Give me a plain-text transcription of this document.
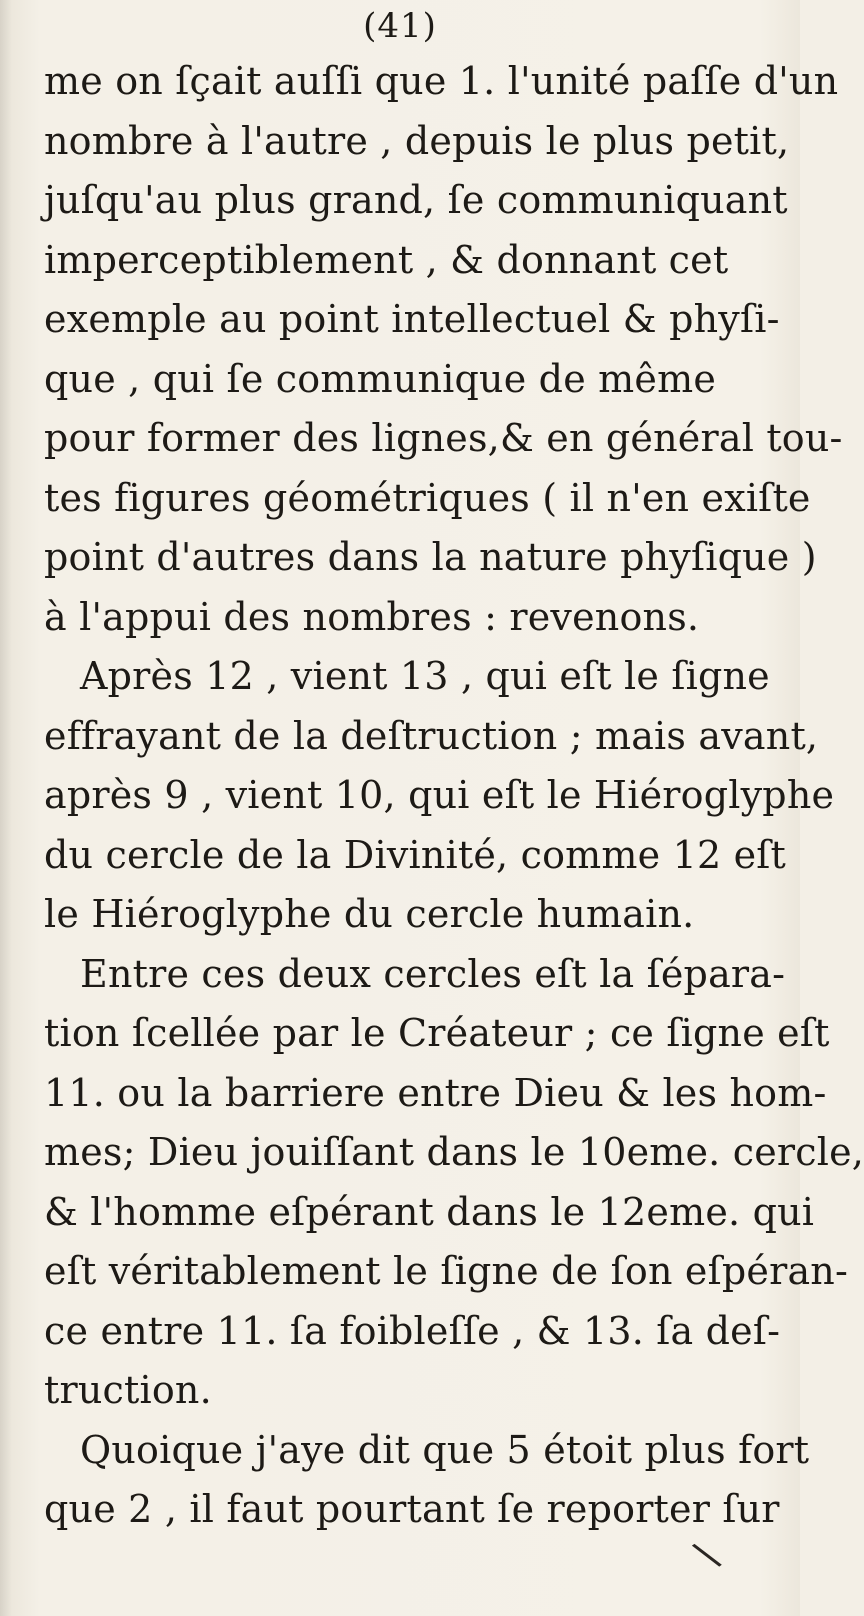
(41)
me on ſçait auſſi que 1. l'unité paſſe d'un
nombre à l'autre , depuis le plus petit,
juſqu'au plus grand, ſe communiquant
imperceptiblement , & donnant cet
exemple au point intellectuel & phyſi-
que , qui ſe communique de même
pour former des lignes,& en général tou-
tes figures géométriques ( il n'en exiſte
point d'autres dans la nature phyſique )
à l'appui des nombres : revenons.
Après 12 , vient 13 , qui eſt le ſigne
effrayant de la deſtruction ; mais avant,
après 9 , vient 10, qui eſt le Hiéroglyphe
du cercle de la Divinité, comme 12 eſt
le Hiéroglyphe du cercle humain.
Entre ces deux cercles eſt la ſépara-
tion ſcellée par le Créateur ; ce ſigne eſt
11. ou la barriere entre Dieu & les hom-
mes; Dieu jouiſſant dans le 10eme. cercle,
& l'homme eſpérant dans le 12eme. qui
eſt véritablement le ſigne de ſon eſpéran-
ce entre 11. ſa foibleſſe , & 13. ſa deſ-
truction.
Quoique j'aye dit que 5 étoit plus fort
que 2 , il faut pourtant ſe reporter ſur
\
